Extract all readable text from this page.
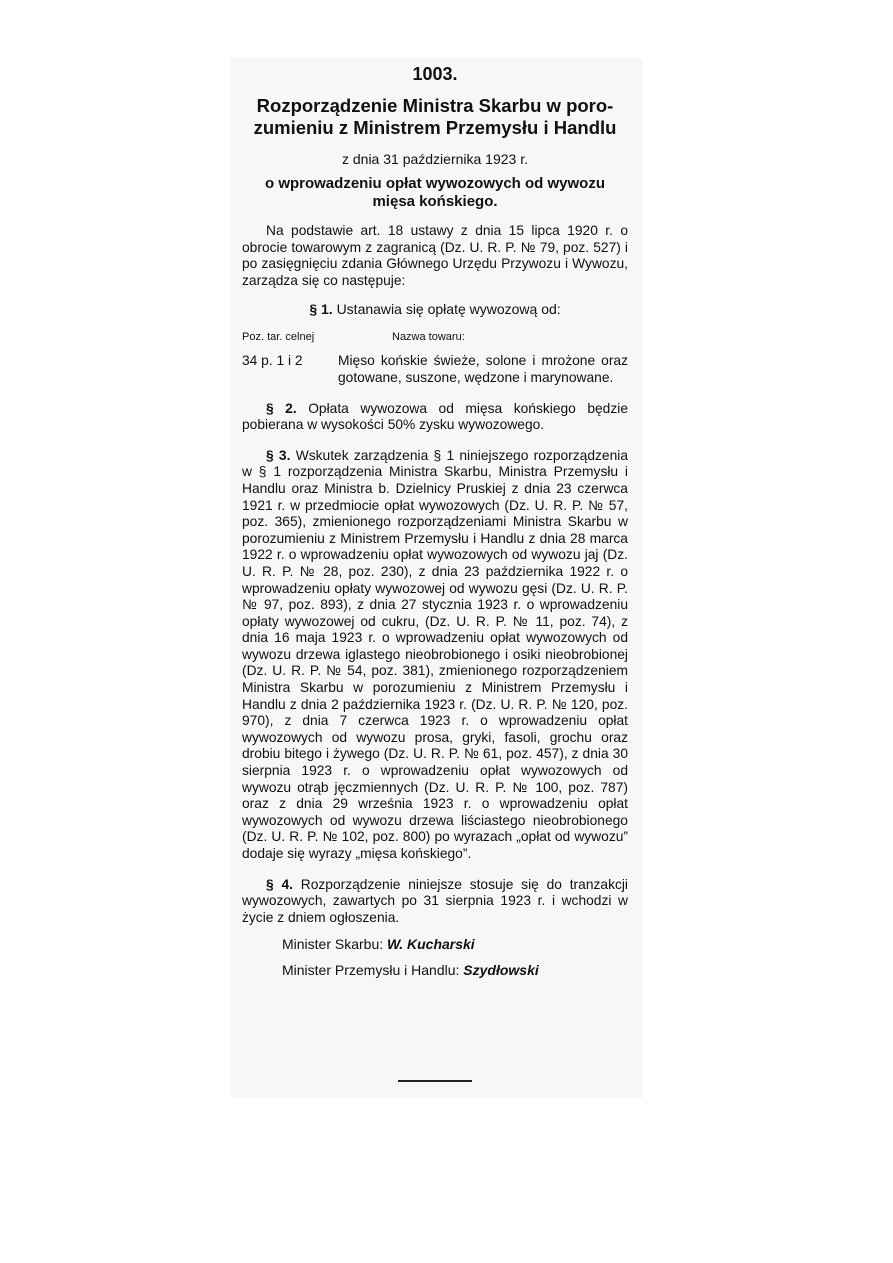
1003.

Rozporządzenie Ministra Skarbu w poro-
zumieniu z Ministrem Przemysłu i Handlu

z dnia 31 października 1923 r.

o wprowadzeniu opłat wywozowych od wywozu
mięsa końskiego.

Na podstawie art. 18 ustawy z dnia 15 lipca 1920 r. o obrocie towarowym z zagranicą (Dz. U. R. P. № 79, poz. 527) i po zasięgnięciu zdania Głównego Urzędu Przywozu i Wywozu, zarządza się co następuje:

§ 1. Ustanawia się opłatę wywozową od:
Poz. tar. celnej	Nazwa towaru:
34 p. 1 i 2	Mięso końskie świeże, solone i mrożone oraz gotowane, suszone, wędzone i marynowane.

§ 2. Opłata wywozowa od mięsa końskiego będzie pobierana w wysokości 50% zysku wywozowego.

§ 3. Wskutek zarządzenia § 1 niniejszego rozporządzenia w § 1 rozporządzenia Ministra Skarbu, Ministra Przemysłu i Handlu oraz Ministra b. Dzielnicy Pruskiej z dnia 23 czerwca 1921 r. w przedmiocie opłat wywozowych (Dz. U. R. P. № 57, poz. 365), zmienionego rozporządzeniami Ministra Skarbu w porozumieniu z Ministrem Przemysłu i Handlu z dnia 28 marca 1922 r. o wprowadzeniu opłat wywozowych od wywozu jaj (Dz. U. R. P. № 28, poz. 230), z dnia 23 października 1922 r. o wprowadzeniu opłaty wywozowej od wywozu gęsi (Dz. U. R. P. № 97, poz. 893), z dnia 27 stycznia 1923 r. o wprowadzeniu opłaty wywozowej od cukru, (Dz. U. R. P. № 11, poz. 74), z dnia 16 maja 1923 r. o wprowadzeniu opłat wywozowych od wywozu drzewa iglastego nieobrobionego i osiki nieobrobionej (Dz. U. R. P. № 54, poz. 381), zmienionego rozporządzeniem Ministra Skarbu w porozumieniu z Ministrem Przemysłu i Handlu z dnia 2 października 1923 r. (Dz. U. R. P. № 120, poz. 970), z dnia 7 czerwca 1923 r. o wprowadzeniu opłat wywozowych od wywozu prosa, gryki, fasoli, grochu oraz drobiu bitego i żywego (Dz. U. R. P. № 61, poz. 457), z dnia 30 sierpnia 1923 r. o wprowadzeniu opłat wywozowych od wywozu otrąb jęczmiennych (Dz. U. R. P. № 100, poz. 787) oraz z dnia 29 września 1923 r. o wprowadzeniu opłat wywozowych od wywozu drzewa liściastego nieobrobionego (Dz. U. R. P. № 102, poz. 800) po wyrazach „opłat od wywozu” dodaje się wyrazy „mięsa końskiego”.

§ 4. Rozporządzenie niniejsze stosuje się do tranzakcji wywozowych, zawartych po 31 sierpnia 1923 r. i wchodzi w życie z dniem ogłoszenia.

Minister Skarbu: W. Kucharski
Minister Przemysłu i Handlu: Szydłowski
